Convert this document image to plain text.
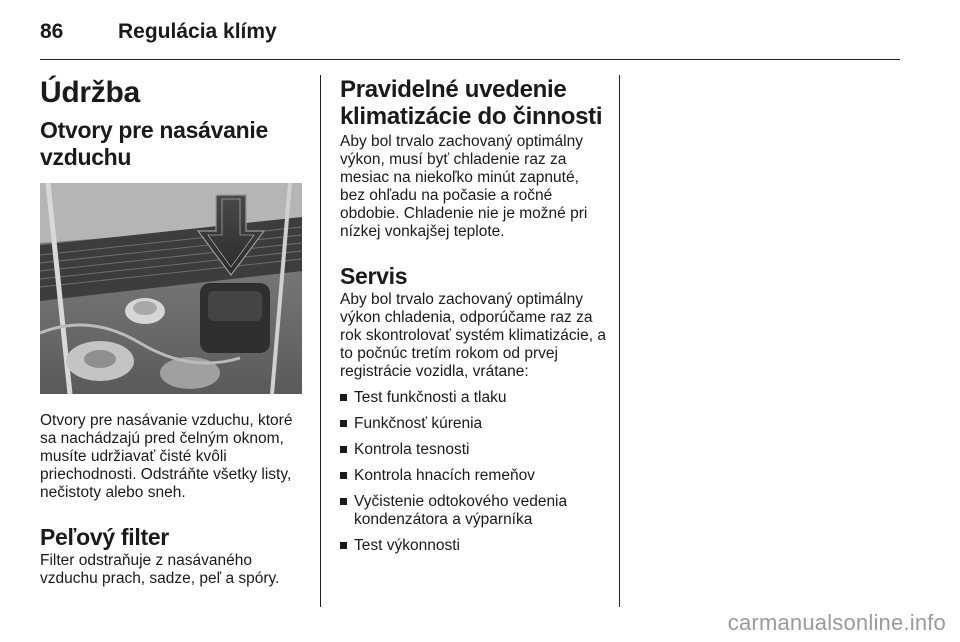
86	Regulácia klímy
Údržba
Otvory pre nasávanie vzduchu

Otvory pre nasávanie vzduchu, ktoré sa nachádzajú pred čelným oknom, musíte udržiavať čisté kvôli priechodnosti. Odstráňte všetky listy, nečistoty alebo sneh.

Peľový filter

Filter odstraňuje z nasávaného vzduchu prach, sadze, peľ a spóry.

Pravidelné uvedenie klimatizácie do činnosti

Aby bol trvalo zachovaný optimálny výkon, musí byť chladenie raz za mesiac na niekoľko minút zapnuté, bez ohľadu na počasie a ročné obdobie. Chladenie nie je možné pri nízkej vonkajšej teplote.

Servis

Aby bol trvalo zachovaný optimálny výkon chladenia, odporúčame raz za rok skontrolovať systém klimatizácie, a to počnúc tretím rokom od prvej registrácie vozidla, vrátane:

Test funkčnosti a tlaku
Funkčnosť kúrenia
Kontrola tesnosti
Kontrola hnacích remeňov
Vyčistenie odtokového vedenia kondenzátora a výparníka
Test výkonnosti
carmanualsonline.info
